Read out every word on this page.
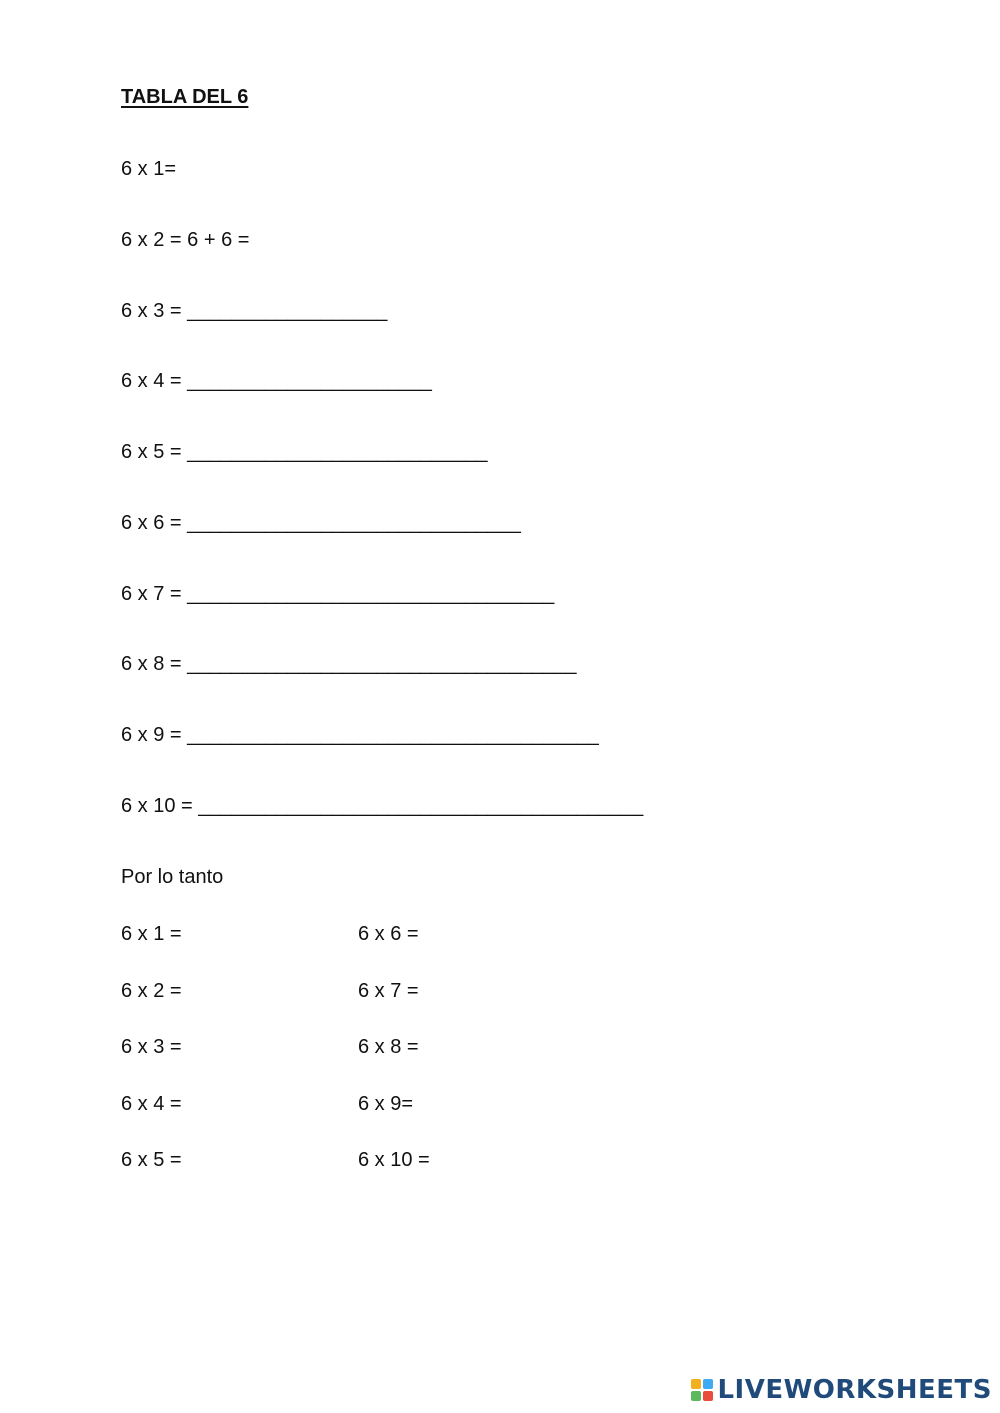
TABLA DEL 6
6 x 1=
6 x 2 = 6 + 6 =
6 x 3 = __________________
6 x 4 = ______________________
6 x 5 = ___________________________
6 x 6 = ______________________________
6 x 7 = _________________________________
6 x 8 = ___________________________________
6 x 9 = _____________________________________
6 x 10 = ________________________________________
Por lo tanto
6 x 1 =
6 x 2 =
6 x 3 =
6 x 4 =
6 x 5 =
6 x 6 =
6 x 7 =
6 x 8 =
6 x 9=
6 x 10 =
LIVEWORKSHEETS
